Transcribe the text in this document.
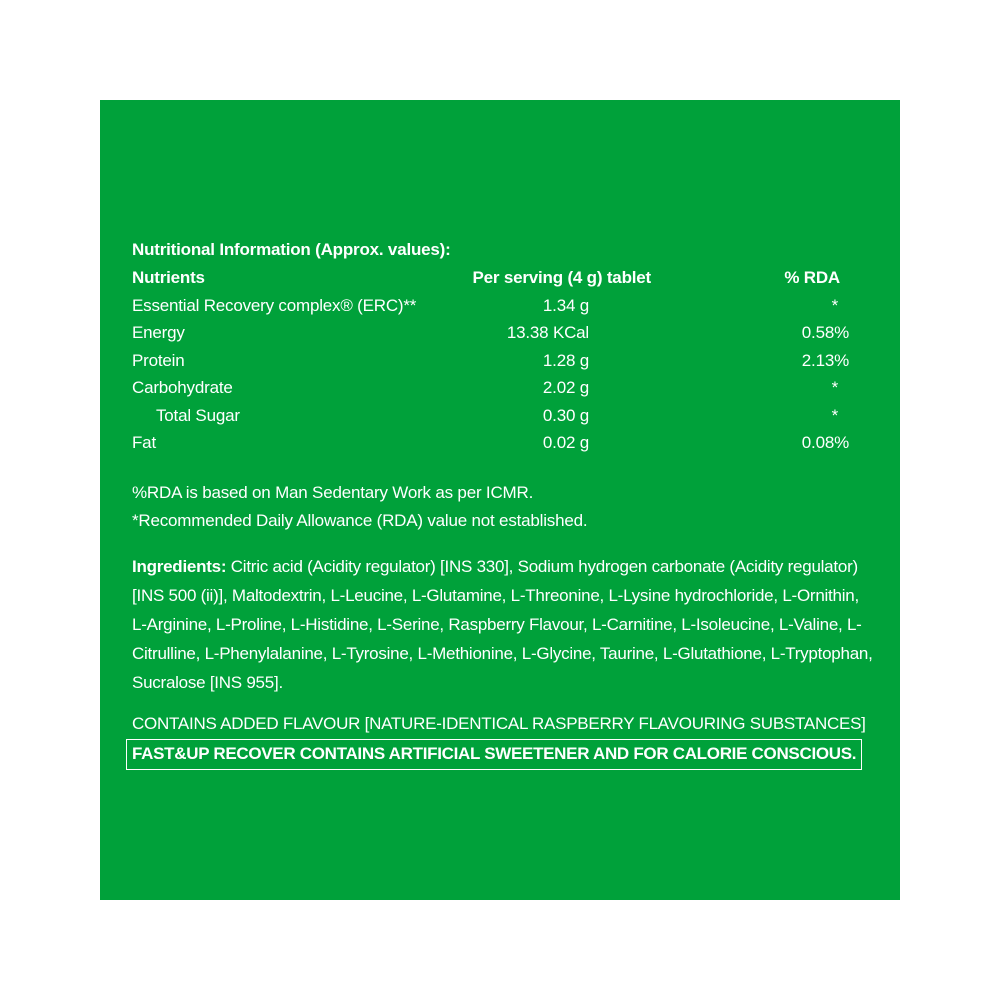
Nutritional Information (Approx. values):
Nutrients	Per serving (4 g) tablet	% RDA
Essential Recovery complex® (ERC)**	1.34 g	*
Energy	13.38 KCal	0.58%
Protein	1.28 g	2.13%
Carbohydrate	2.02 g	*
Total Sugar	0.30 g	*
Fat	0.02 g	0.08%
%RDA is based on Man Sedentary Work as per ICMR.
*Recommended Daily Allowance (RDA) value not established.
Ingredients: Citric acid (Acidity regulator) [INS 330], Sodium hydrogen carbonate (Acidity regulator) [INS 500 (ii)], Maltodextrin, L-Leucine, L-Glutamine, L-Threonine, L-Lysine hydrochloride, L-Ornithin, L-Arginine, L-Proline, L-Histidine, L-Serine, Raspberry Flavour, L-Carnitine, L-Isoleucine, L-Valine, L-Citrulline, L-Phenylalanine, L-Tyrosine, L-Methionine, L-Glycine, Taurine, L-Glutathione, L-Tryptophan, Sucralose [INS 955].
CONTAINS ADDED FLAVOUR [NATURE-IDENTICAL RASPBERRY FLAVOURING SUBSTANCES]
FAST&UP RECOVER CONTAINS ARTIFICIAL SWEETENER AND FOR CALORIE CONSCIOUS.
